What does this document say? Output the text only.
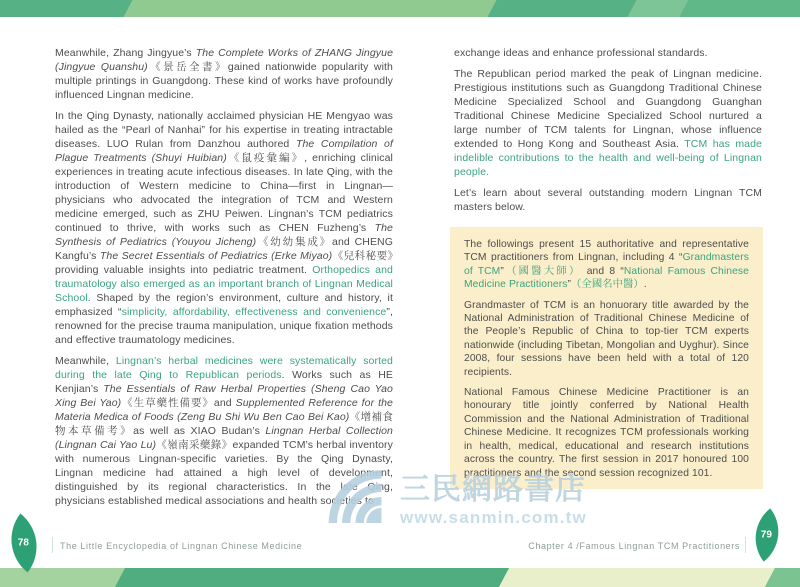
Meanwhile, Zhang Jingyue’s The Complete Works of ZHANG Jingyue (Jingyue Quanshu)《景岳全書》gained nationwide popularity with multiple printings in Guangdong. These kind of works have profoundly influenced Lingnan medicine.

In the Qing Dynasty, nationally acclaimed physician HE Mengyao was hailed as the “Pearl of Nanhai” for his expertise in treating intractable diseases. LUO Rulan from Danzhou authored The Compilation of Plague Treatments (Shuyi Huibian)《鼠疫彙編》, enriching clinical experiences in treating acute infectious diseases. In late Qing, with the introduction of Western medicine to China—first in Lingnan—physicians who advocated the integration of TCM and Western medicine emerged, such as ZHU Peiwen. Lingnan’s TCM pediatrics continued to thrive, with works such as CHEN Fuzheng’s The Synthesis of Pediatrics (Youyou Jicheng)《幼幼集成》and CHENG Kangfu’s The Secret Essentials of Pediatrics (Erke Miyao)《兒科秘要》providing valuable insights into pediatric treatment. Orthopedics and traumatology also emerged as an important branch of Lingnan Medical School. Shaped by the region’s environment, culture and history, it emphasized “simplicity, affordability, effectiveness and convenience”, renowned for the precise trauma manipulation, unique fixation methods and effective traumatology medicines.

Meanwhile, Lingnan’s herbal medicines were systematically sorted during the late Qing to Republican periods. Works such as HE Kenjian’s The Essentials of Raw Herbal Properties (Sheng Cao Yao Xing Bei Yao)《生草藥性備要》and Supplemented Reference for the Materia Medica of Foods (Zeng Bu Shi Wu Ben Cao Bei Kao)《增補食物本草備考》as well as XIAO Budan’s Lingnan Herbal Collection (Lingnan Cai Yao Lu)《嶺南采藥錄》expanded TCM’s herbal inventory with numerous Lingnan-specific varieties. By the Qing Dynasty, Lingnan medicine had attained a high level of development, distinguished by its regional characteristics. In the late Qing, physicians established medical associations and health societies to

exchange ideas and enhance professional standards.

The Republican period marked the peak of Lingnan medicine. Prestigious institutions such as Guangdong Traditional Chinese Medicine Specialized School and Guangdong Guanghan Traditional Chinese Medicine Specialized School nurtured a large number of TCM talents for Lingnan, whose influence extended to Hong Kong and Southeast Asia. TCM has made indelible contributions to the health and well-being of Lingnan people.

Let’s learn about several outstanding modern Lingnan TCM masters below.

The followings present 15 authoritative and representative TCM practitioners from Lingnan, including 4 “Grandmasters of TCM”（國醫大師） and 8 “National Famous Chinese Medicine Practitioners”（全國名中醫）.

Grandmaster of TCM is an honuorary title awarded by the National Administration of Traditional Chinese Medicine of the People’s Republic of China to top-tier TCM experts nationwide (including Tibetan, Mongolian and Uyghur). Since 2008, four sessions have been held with a total of 120 recipients.

National Famous Chinese Medicine Practitioner is an honourary title jointly conferred by National Health Commission and the National Administration of Traditional Chinese Medicine. It recognizes TCM professionals working in health, medical, educational and research institutions across the country. The first session in 2017 honoured 100 practitioners and the second session recognized 101.

三民網路書店
www.sanmin.com.tw
78	The Little Encyclopedia of Lingnan Chinese Medicine	Chapter 4 /Famous Lingnan TCM Practitioners
79
